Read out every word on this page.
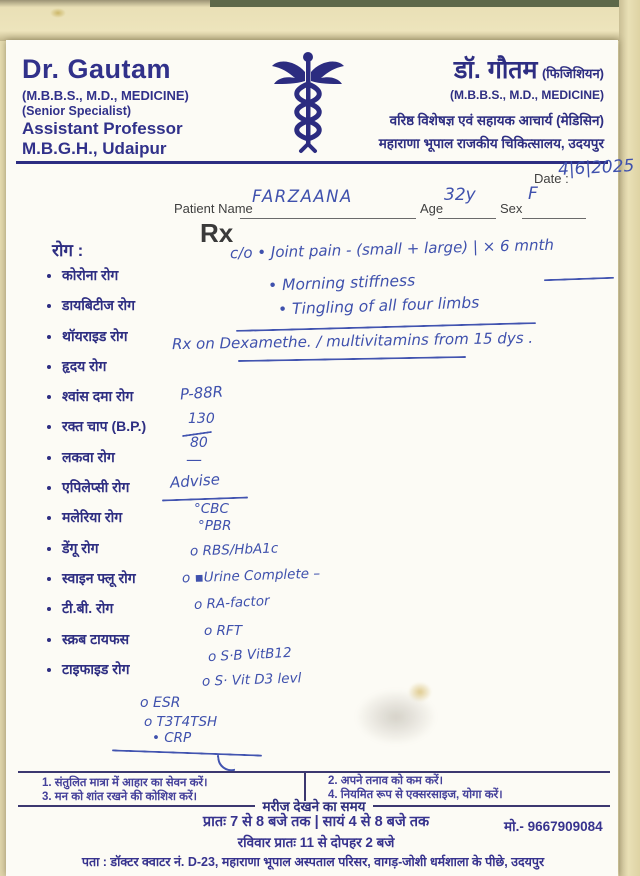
Dr. Gautam
(M.B.B.S., M.D., MEDICINE)
(Senior Specialist)
Assistant Professor
M.B.G.H., Udaipur
डॉ. गौतम (फिजिशियन)
(M.B.B.S., M.D., MEDICINE)
वरिष्ठ विशेषज्ञ एवं सहायक आचार्य (मेडिसिन)
महाराणा भूपाल राजकीय चिकित्सालय, उदयपुर
Date :
4|6|2025
Patient Name
FARZAANA
Age
32y
Sex
F
Rx
c/o • Joint pain - (small + large) | × 6 mnth
• Morning stiffness
• Tingling of all four limbs
Rx on Dexamethe. / multivitamins from 15 dys .
रोग :
• कोरोना रोग
• डायबिटीज रोग
• थॉयराइड रोग
• हृदय रोग
• श्वांस दमा रोग
• रक्त चाप (B.P.)
• लकवा रोग
• एपिलेप्सी रोग
• मलेरिया रोग
• डेंगू रोग
• स्वाइन फ्लू रोग
• टी.बी. रोग
• स्क्रब टायफस
• टाइफाइड रोग
P-88R
130
80
—
Advise
°CBC
°PBR
o RBS/HbA1c
o ▪Urine Complete –
o RA-factor
o RFT
o S·B VitB12
o S· Vit D3 levl
o ESR
o T3T4TSH
• CRP
1. संतुलित मात्रा में आहार का सेवन करें।
3. मन को शांत रखने की कोशिश करें।
2. अपने तनाव को कम करें।
4. नियमित रूप से एक्सरसाइज, योगा करें।
मरीज देखने का समय
प्रातः 7 से 8 बजे तक | सायं 4 से 8 बजे तक	मो.- 9667909084
रविवार प्रातः 11 से दोपहर 2 बजे
पता : डॉक्टर क्वाटर नं. D-23, महाराणा भूपाल अस्पताल परिसर, वागड़-जोशी धर्मशाला के पीछे, उदयपुर
